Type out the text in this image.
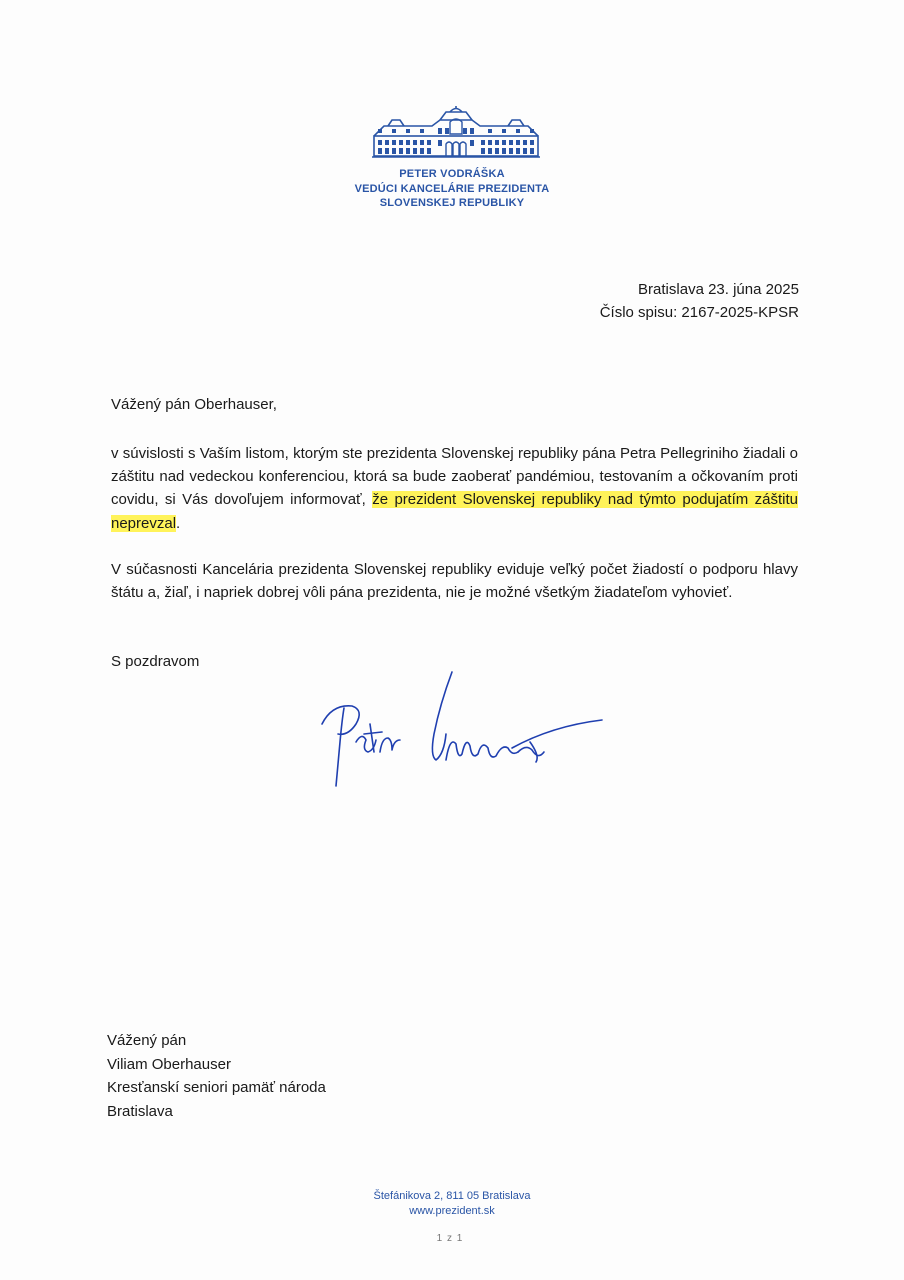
PETER VODRÁŠKA
VEDÚCI KANCELÁRIE PREZIDENTA
SLOVENSKEJ REPUBLIKY
Bratislava 23. júna 2025
Číslo spisu: 2167-2025-KPSR
Vážený pán Oberhauser,

v súvislosti s Vaším listom, ktorým ste prezidenta Slovenskej republiky pána Petra Pellegriniho žiadali o záštitu nad vedeckou konferenciou, ktorá sa bude zaoberať pandémiou, testovaním a očkovaním proti covidu, si Vás dovoľujem informovať, že prezident Slovenskej republiky nad týmto podujatím záštitu neprevzal.

V súčasnosti Kancelária prezidenta Slovenskej republiky eviduje veľký počet žiadostí o podporu hlavy štátu a, žiaľ, i napriek dobrej vôli pána prezidenta, nie je možné všetkým žiadateľom vyhovieť.

S pozdravom
Vážený pán
Viliam Oberhauser
Kresťanskí seniori pamäť národa
Bratislava
Štefánikova 2, 811 05 Bratislava
www.prezident.sk
1 z 1
